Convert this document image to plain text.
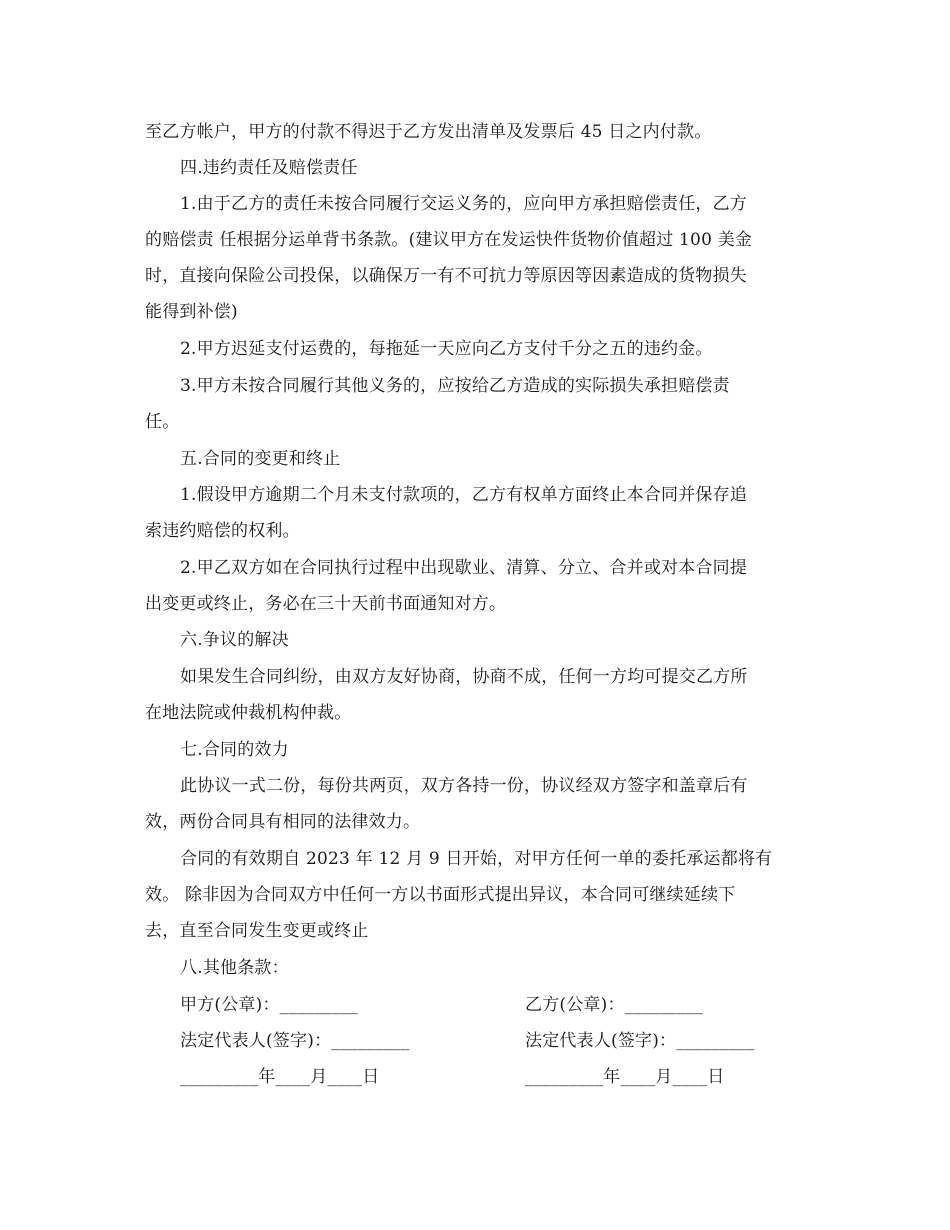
至乙方帐户，甲方的付款不得迟于乙方发出清单及发票后 45 日之内付款。
四.违约责任及赔偿责任
1.由于乙方的责任未按合同履行交运义务的，应向甲方承担赔偿责任，乙方
的赔偿责 任根据分运单背书条款。(建议甲方在发运快件货物价值超过 100 美金
时，直接向保险公司投保，以确保万一有不可抗力等原因等因素造成的货物损失
能得到补偿)
2.甲方迟延支付运费的，每拖延一天应向乙方支付千分之五的违约金。
3.甲方未按合同履行其他义务的，应按给乙方造成的实际损失承担赔偿责
任。
五.合同的变更和终止
1.假设甲方逾期二个月未支付款项的，乙方有权单方面终止本合同并保存追
索违约赔偿的权利。
2.甲乙双方如在合同执行过程中出现歇业、清算、分立、合并或对本合同提
出变更或终止，务必在三十天前书面通知对方。
六.争议的解决
如果发生合同纠纷，由双方友好协商，协商不成，任何一方均可提交乙方所
在地法院或仲裁机构仲裁。
七.合同的效力
此协议一式二份，每份共两页，双方各持一份，协议经双方签字和盖章后有
效，两份合同具有相同的法律效力。
合同的有效期自 2023 年 12 月 9 日开始，对甲方任何一单的委托承运都将有
效。 除非因为合同双方中任何一方以书面形式提出异议，本合同可继续延续下
去，直至合同发生变更或终止
八.其他条款：
甲方(公章)：_________	乙方(公章)：_________
法定代表人(签字)：_________	法定代表人(签字)：_________
_________年____月____日	_________年____月____日
